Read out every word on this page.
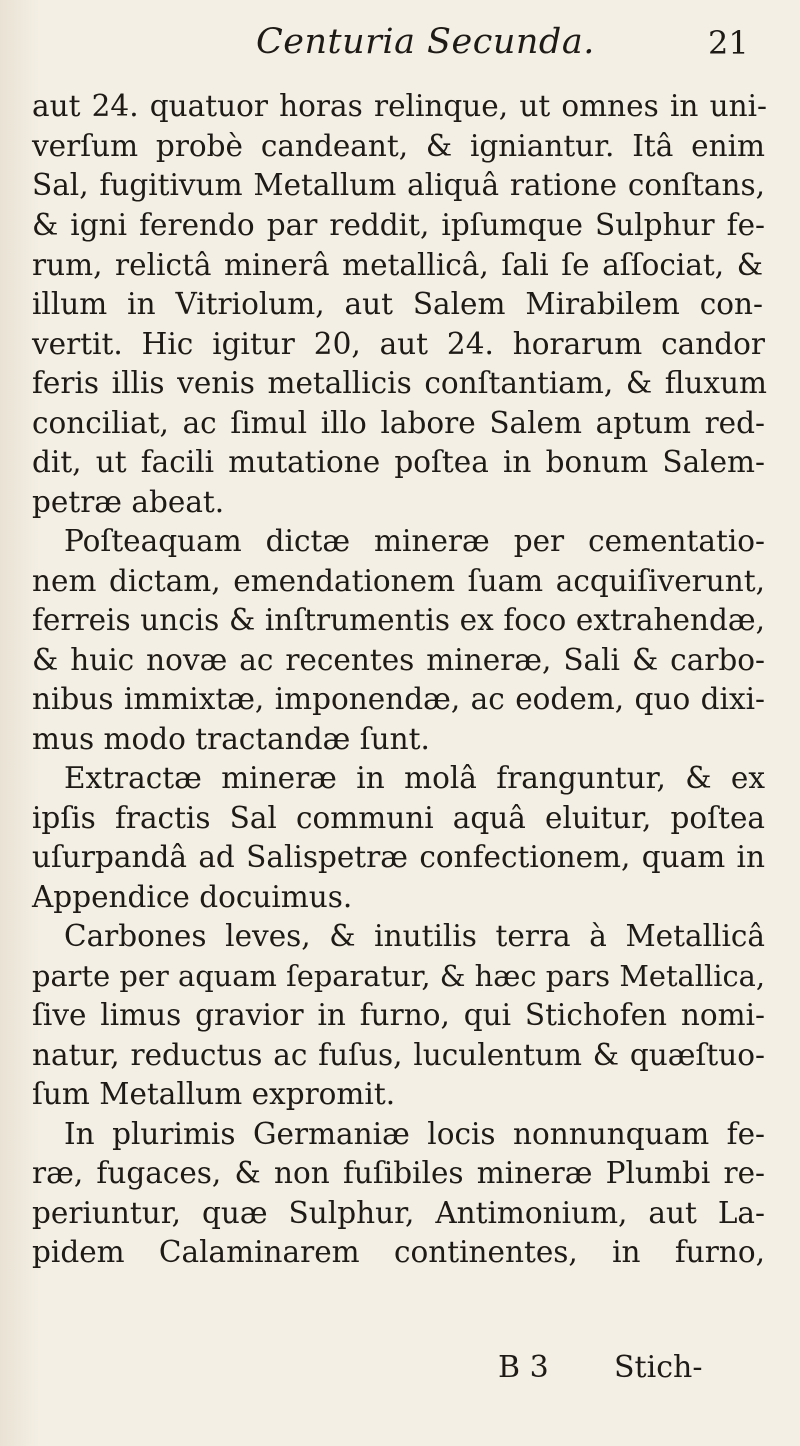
Centuria Secunda.	21
aut 24. quatuor horas relinque, ut omnes in uni-
verſum probè candeant, & igniantur. Itâ enim
Sal, fugitivum Metallum aliquâ ratione conſtans,
& igni ferendo par reddit, ipſumque Sulphur fe-
rum, relictâ minerâ metallicâ, ſali ſe aſſociat, &
illum in Vitriolum, aut Salem Mirabilem con-
vertit. Hic igitur 20, aut 24. horarum candor
feris illis venis metallicis conſtantiam, & fluxum
conciliat, ac ſimul illo labore Salem aptum red-
dit, ut facili mutatione poſtea in bonum Salem-
petræ abeat.
Poſteaquam dictæ mineræ per cementatio-
nem dictam, emendationem ſuam acquiſiverunt,
ferreis uncis & inſtrumentis ex foco extrahendæ,
& huic novæ ac recentes mineræ, Sali & carbo-
nibus immixtæ, imponendæ, ac eodem, quo dixi-
mus modo tractandæ ſunt.
Extractæ mineræ in molâ franguntur, & ex
ipſis fractis Sal communi aquâ eluitur, poſtea
uſurpandâ ad Salispetræ confectionem, quam in
Appendice docuimus.
Carbones leves, & inutilis terra à Metallicâ
parte per aquam ſeparatur, & hæc pars Metallica,
ſive limus gravior in furno, qui Stichofen nomi-
natur, reductus ac fuſus, luculentum & quæſtuo-
ſum Metallum expromit.
In plurimis Germaniæ locis nonnunquam fe-
ræ, fugaces, & non fuſibiles mineræ Plumbi re-
periuntur, quæ Sulphur, Antimonium, aut La-
pidem Calaminarem continentes, in furno,
B 3 Stich-
